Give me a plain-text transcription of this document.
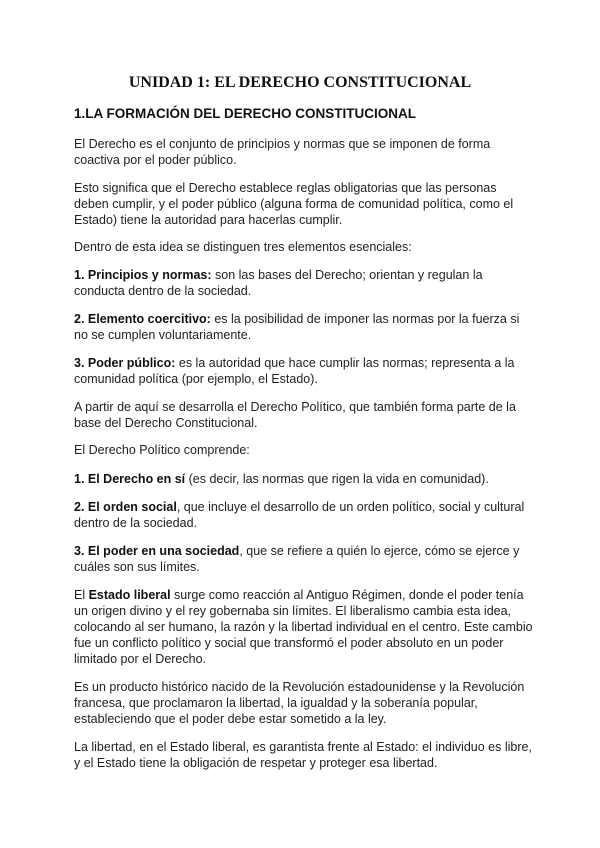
UNIDAD 1: EL DERECHO CONSTITUCIONAL
1.LA FORMACIÓN DEL DERECHO CONSTITUCIONAL

El Derecho es el conjunto de principios y normas que se imponen de forma coactiva por el poder público.

Esto significa que el Derecho establece reglas obligatorias que las personas deben cumplir, y el poder público (alguna forma de comunidad política, como el Estado) tiene la autoridad para hacerlas cumplir.

Dentro de esta idea se distinguen tres elementos esenciales:

1. Principios y normas: son las bases del Derecho; orientan y regulan la conducta dentro de la sociedad.

2. Elemento coercitivo: es la posibilidad de imponer las normas por la fuerza si no se cumplen voluntariamente.

3. Poder público: es la autoridad que hace cumplir las normas; representa a la comunidad política (por ejemplo, el Estado).

A partir de aquí se desarrolla el Derecho Político, que también forma parte de la base del Derecho Constitucional.

El Derecho Político comprende:

1. El Derecho en sí (es decir, las normas que rigen la vida en comunidad).

2. El orden social, que incluye el desarrollo de un orden político, social y cultural dentro de la sociedad.

3. El poder en una sociedad, que se refiere a quién lo ejerce, cómo se ejerce y cuáles son sus límites.

El Estado liberal surge como reacción al Antiguo Régimen, donde el poder tenía un origen divino y el rey gobernaba sin límites. El liberalismo cambia esta idea, colocando al ser humano, la razón y la libertad individual en el centro. Este cambio fue un conflicto político y social que transformó el poder absoluto en un poder limitado por el Derecho.

Es un producto histórico nacido de la Revolución estadounidense y la Revolución francesa, que proclamaron la libertad, la igualdad y la soberanía popular, estableciendo que el poder debe estar sometido a la ley.

La libertad, en el Estado liberal, es garantista frente al Estado: el individuo es libre, y el Estado tiene la obligación de respetar y proteger esa libertad.
